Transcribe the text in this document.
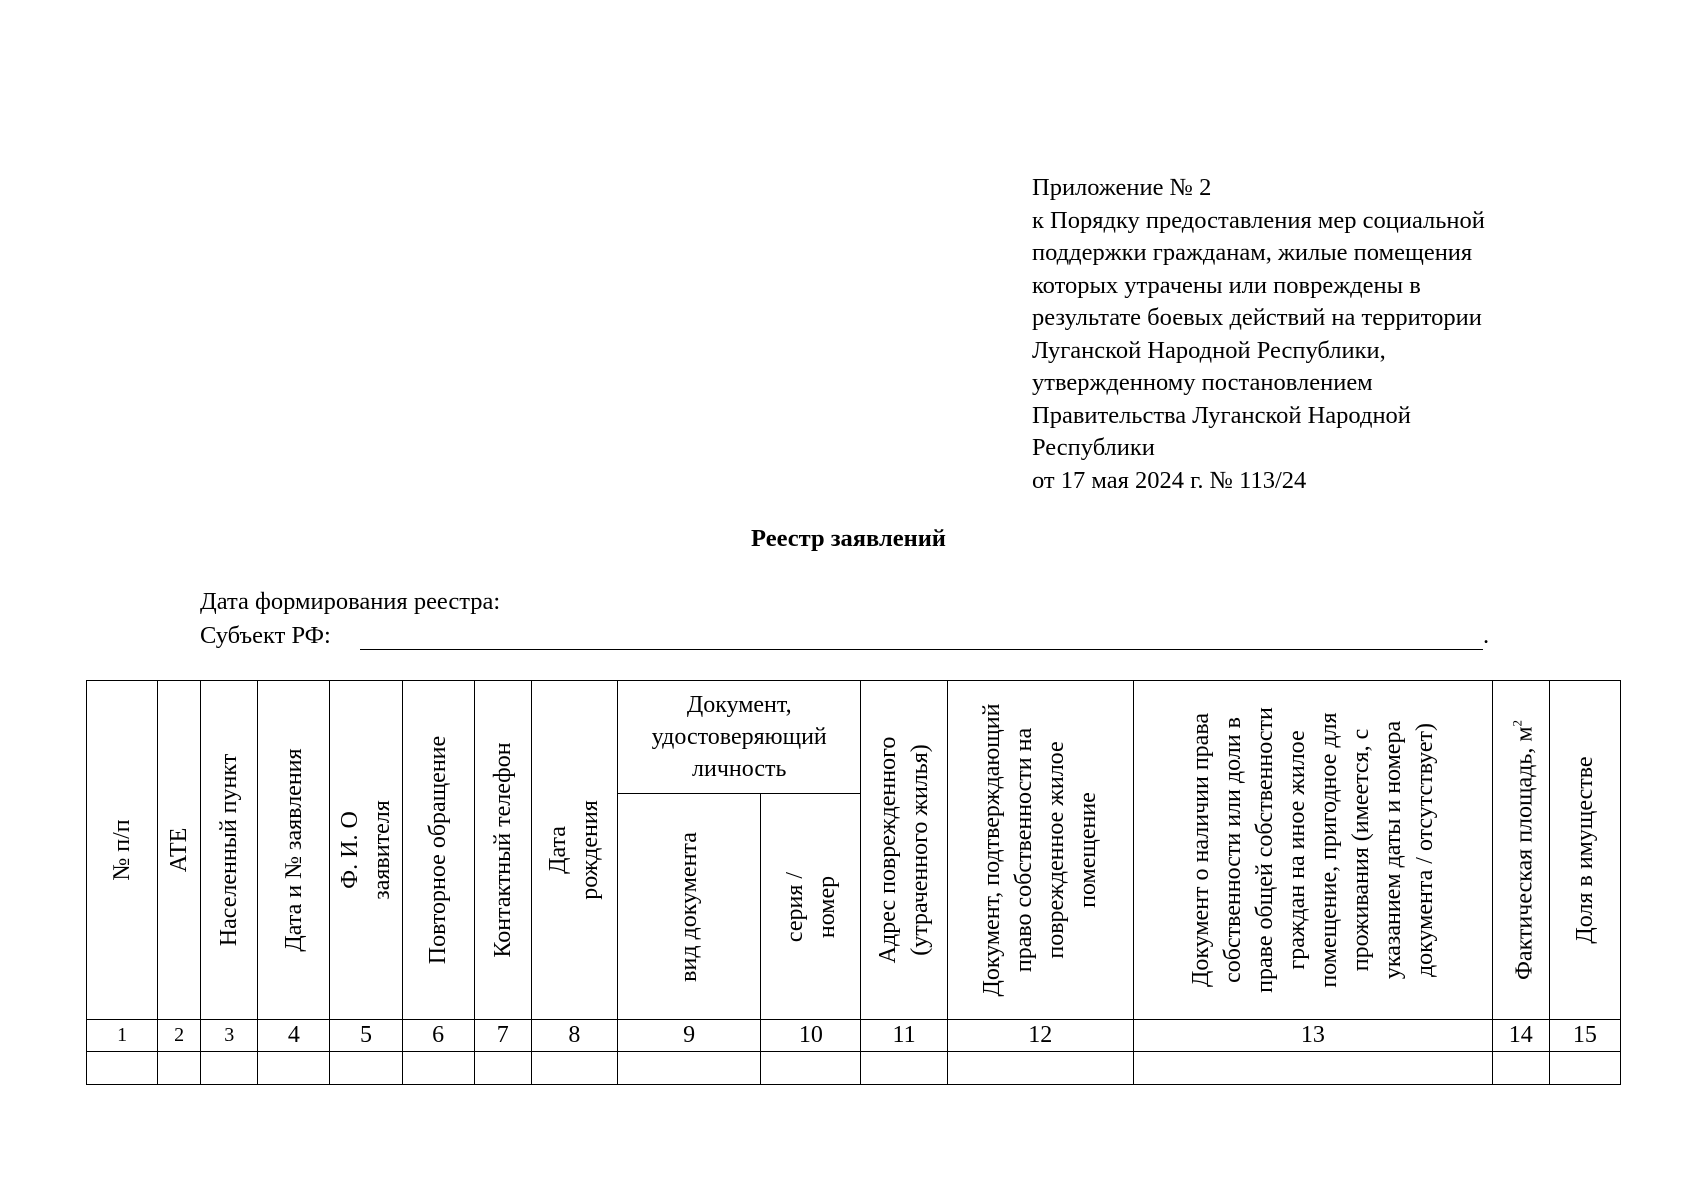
Приложение № 2
к Порядку предоставления мер социальной
поддержки гражданам, жилые помещения
которых утрачены или повреждены в
результате боевых действий на территории
Луганской Народной Республики,
утвержденному постановлением
Правительства Луганской Народной
Республики
от 17 мая 2024 г. № 113/24
Реестр заявлений
Дата формирования реестра:
Субъект РФ:	.
№ п/п	АТЕ	Населенный пункт	Дата и № заявления	Ф. И. О заявителя	Повторное обращение	Контактный телефон	Дата рождения	Документ, удостоверяющий личность		Адрес поврежденного (утраченного жилья)	Документ, подтверждающий право собственности на поврежденное жилое помещение	Документ о наличии права собственности или доли в праве общей собственности граждан на иное жилое помещение, пригодное для проживания (имеется, с указанием даты и номера документа / отсутствует)	Фактическая площадь, $м^2$	Доля в имуществе

								вид документа	серия / номер					

1	2	3	4	5	6	7	8	9	10	11	12	13	14	15
